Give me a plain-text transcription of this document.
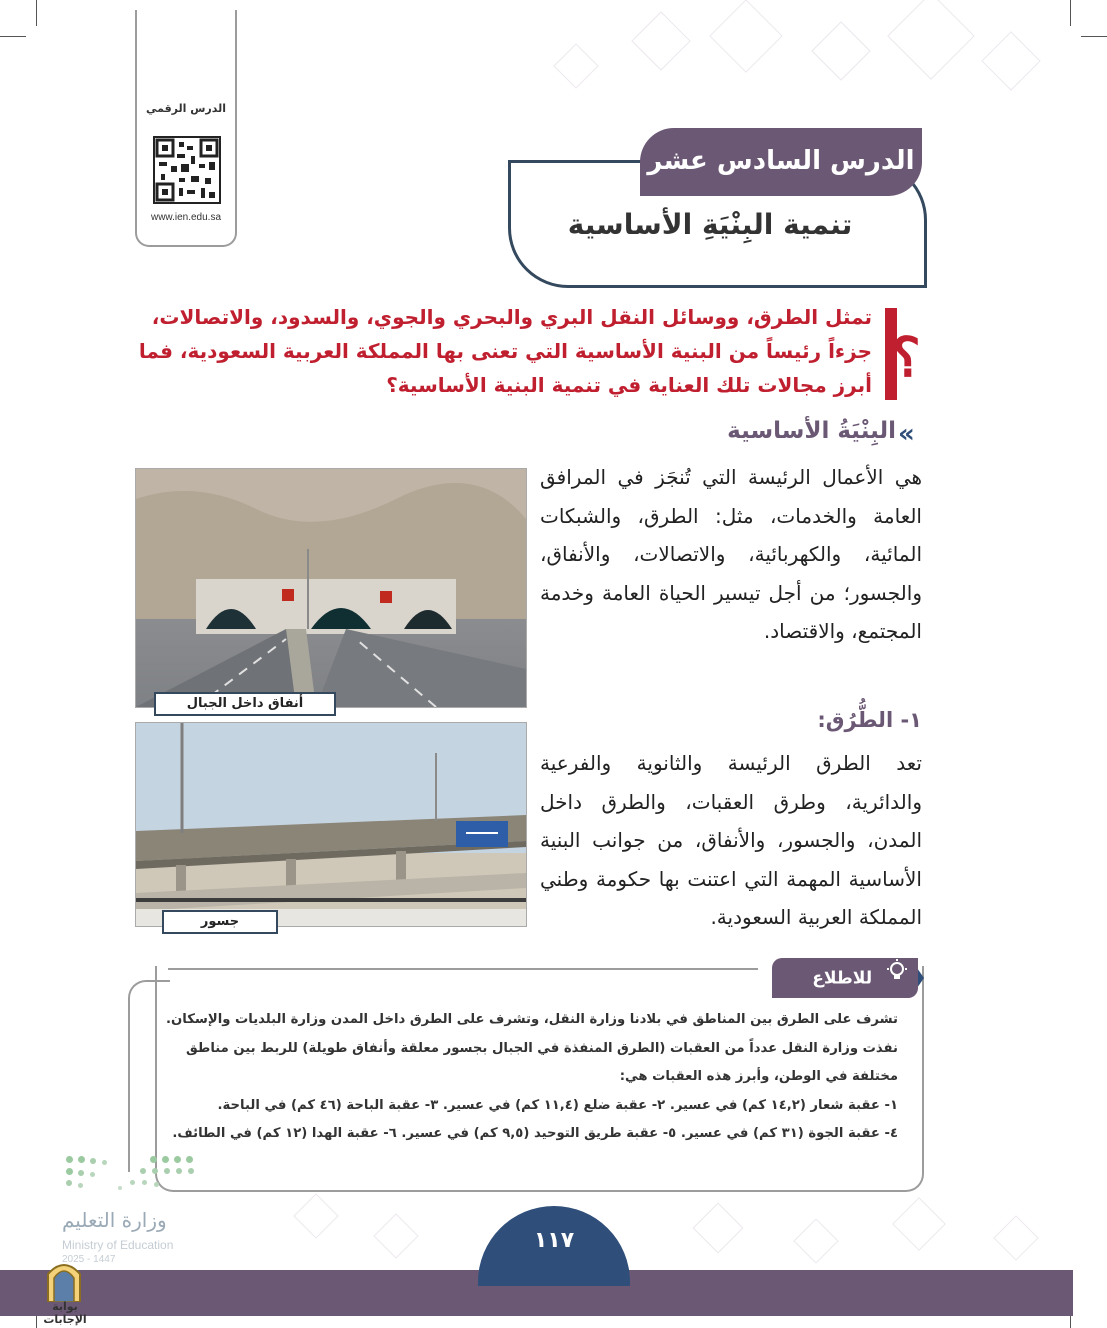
الدرس الرقمي
www.ien.edu.sa
الدرس السادس عشر
تنمية البِنْيَةِ الأساسية
؟
تمثل الطرق، ووسائل النقل البري والبحري والجوي، والسدود، والاتصالات، جزءاً رئيساً من البنية الأساسية التي تعنى بها المملكة العربية السعودية، فما أبرز مجالات تلك العناية في تنمية البنية الأساسية؟
«
البِنْيَةُ الأساسية
هي الأعمال الرئيسة التي تُنجَز في المرافق العامة والخدمات، مثل: الطرق، والشبكات المائية، والكهربائية، والاتصالات، والأنفاق، والجسور؛ من أجل تيسير الحياة العامة وخدمة المجتمع، والاقتصاد.
١- الطُّرُق:
تعد الطرق الرئيسة والثانوية والفرعية والدائرية، وطرق العقبات، والطرق داخل المدن، والجسور، والأنفاق، من جوانب البنية الأساسية المهمة التي اعتنت بها حكومة وطني المملكة العربية السعودية.
أنفاق داخل الجبال
جسور
للاطلاع
تشرف على الطرق بين المناطق في بلادنا وزارة النقل، وتشرف على الطرق داخل المدن وزارة البلديات والإسكان.
نفذت وزارة النقل عدداً من العقبات (الطرق المنفذة في الجبال بجسور معلقة وأنفاق طويلة) للربط بين مناطق
مختلفة في الوطن، وأبرز هذه العقبات هي:
١- عقبة شعار (١٤,٢ كم) في عسير. ٢- عقبة ضلع (١١,٤ كم) في عسير. ٣- عقبة الباحة (٤٦ كم) في الباحة.
٤- عقبة الجوة (٣١ كم) في عسير. ٥- عقبة طريق التوحيد (٩,٥ كم) في عسير. ٦- عقبة الهدا (١٢ كم) في الطائف.
وزارة التعليم
Ministry of Education
2025 - 1447
١١٧
بوابة الإجابات
